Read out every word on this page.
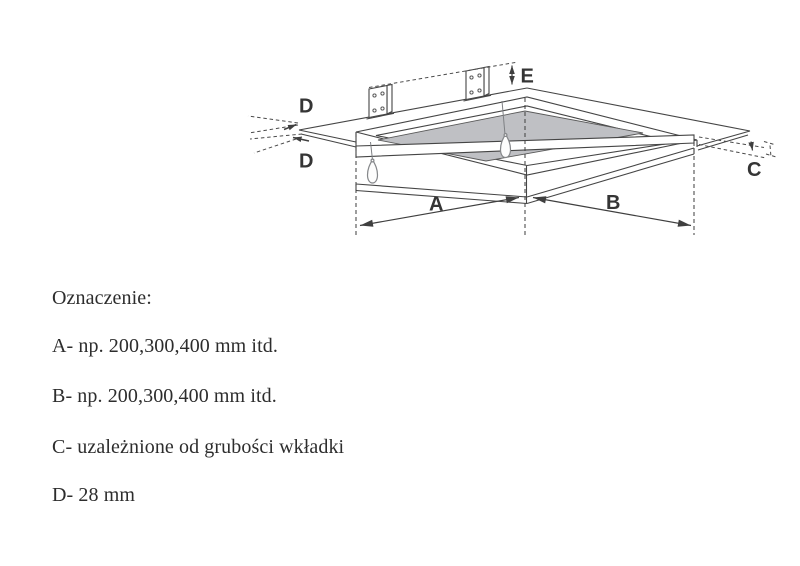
A	B
E
D
D	C
Oznaczenie:
A- np. 200,300,400 mm itd.
B- np. 200,300,400 mm itd.
C- uzależnione od grubości wkładki
D- 28 mm
